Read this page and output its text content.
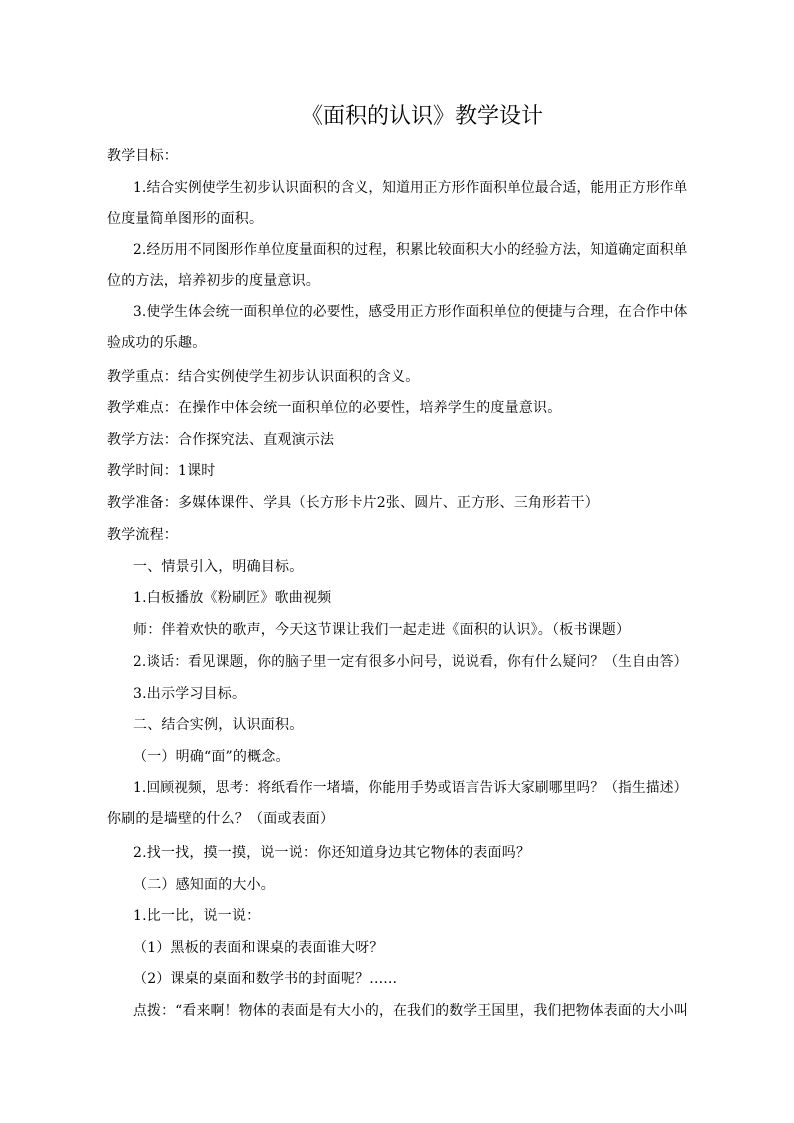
《面积的认识》教学设计
教学目标：
1.结合实例使学生初步认识面积的含义，知道用正方形作面积单位最合适，能用正方形作单
位度量简单图形的面积。
2.经历用不同图形作单位度量面积的过程，积累比较面积大小的经验方法，知道确定面积单
位的方法，培养初步的度量意识。
3.使学生体会统一面积单位的必要性，感受用正方形作面积单位的便捷与合理，在合作中体
验成功的乐趣。
教学重点：结合实例使学生初步认识面积的含义。
教学难点：在操作中体会统一面积单位的必要性，培养学生的度量意识。
教学方法：合作探究法、直观演示法
教学时间：1课时
教学准备：多媒体课件、学具（长方形卡片2张、圆片、正方形、三角形若干）
教学流程：
一、情景引入，明确目标。
1.白板播放《粉刷匠》歌曲视频
师：伴着欢快的歌声，今天这节课让我们一起走进《面积的认识》。（板书课题）
2.谈话：看见课题，你的脑子里一定有很多小问号，说说看，你有什么疑问？（生自由答）
3.出示学习目标。
二、结合实例，认识面积。
（一）明确“面”的概念。
1.回顾视频，思考：将纸看作一堵墙，你能用手势或语言告诉大家刷哪里吗？（指生描述）
你刷的是墙壁的什么？（面或表面）
2.找一找，摸一摸，说一说：你还知道身边其它物体的表面吗？
（二）感知面的大小。
1.比一比，说一说：
（1）黑板的表面和课桌的表面谁大呀？
（2）课桌的桌面和数学书的封面呢？......
点拨：“看来啊！物体的表面是有大小的，在我们的数学王国里，我们把物体表面的大小叫
